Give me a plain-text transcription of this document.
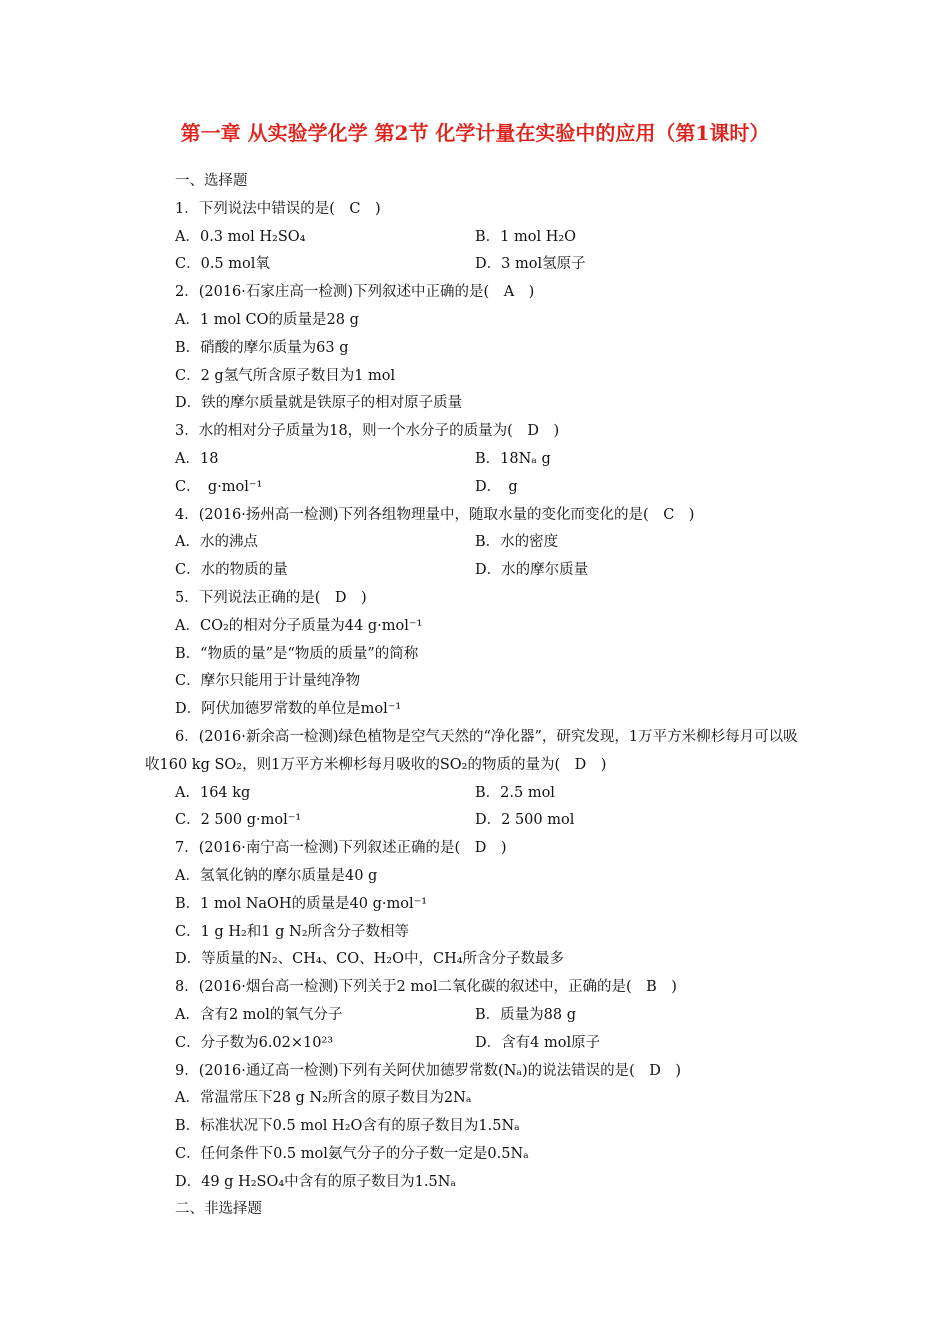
第一章 从实验学化学 第2节 化学计量在实验中的应用（第1课时）
一、选择题
1．下列说法中错误的是(　C　)
A．0.3 mol H₂SO₄	B．1 mol H₂O
C．0.5 mol氧	D．3 mol氢原子
2．(2016·石家庄高一检测)下列叙述中正确的是(　A　)
A．1 mol CO的质量是28 g
B．硝酸的摩尔质量为63 g
C．2 g氢气所含原子数目为1 mol
D．铁的摩尔质量就是铁原子的相对原子质量
3．水的相对分子质量为18，则一个水分子的质量为(　D　)
A．18	B．18Nₐ g
C．　g·mol⁻¹	D．　g
4．(2016·扬州高一检测)下列各组物理量中，随取水量的变化而变化的是(　C　)
A．水的沸点	B．水的密度
C．水的物质的量	D．水的摩尔质量
5．下列说法正确的是(　D　)
A．CO₂的相对分子质量为44 g·mol⁻¹
B．“物质的量”是“物质的质量”的简称
C．摩尔只能用于计量纯净物
D．阿伏加德罗常数的单位是mol⁻¹
6．(2016·新余高一检测)绿色植物是空气天然的“净化器”，研究发现，1万平方米柳杉每月可以吸收160 kg SO₂，则1万平方米柳杉每月吸收的SO₂的物质的量为(　D　)
A．164 kg	B．2.5 mol
C．2 500 g·mol⁻¹	D．2 500 mol
7．(2016·南宁高一检测)下列叙述正确的是(　D　)
A．氢氧化钠的摩尔质量是40 g
B．1 mol NaOH的质量是40 g·mol⁻¹
C．1 g H₂和1 g N₂所含分子数相等
D．等质量的N₂、CH₄、CO、H₂O中，CH₄所含分子数最多
8．(2016·烟台高一检测)下列关于2 mol二氧化碳的叙述中，正确的是(　B　)
A．含有2 mol的氧气分子	B．质量为88 g
C．分子数为6.02×10²³	D．含有4 mol原子
9．(2016·通辽高一检测)下列有关阿伏加德罗常数(Nₐ)的说法错误的是(　D　)
A．常温常压下28 g N₂所含的原子数目为2Nₐ
B．标准状况下0.5 mol H₂O含有的原子数目为1.5Nₐ
C．任何条件下0.5 mol氨气分子的分子数一定是0.5Nₐ
D．49 g H₂SO₄中含有的原子数目为1.5Nₐ
二、非选择题
